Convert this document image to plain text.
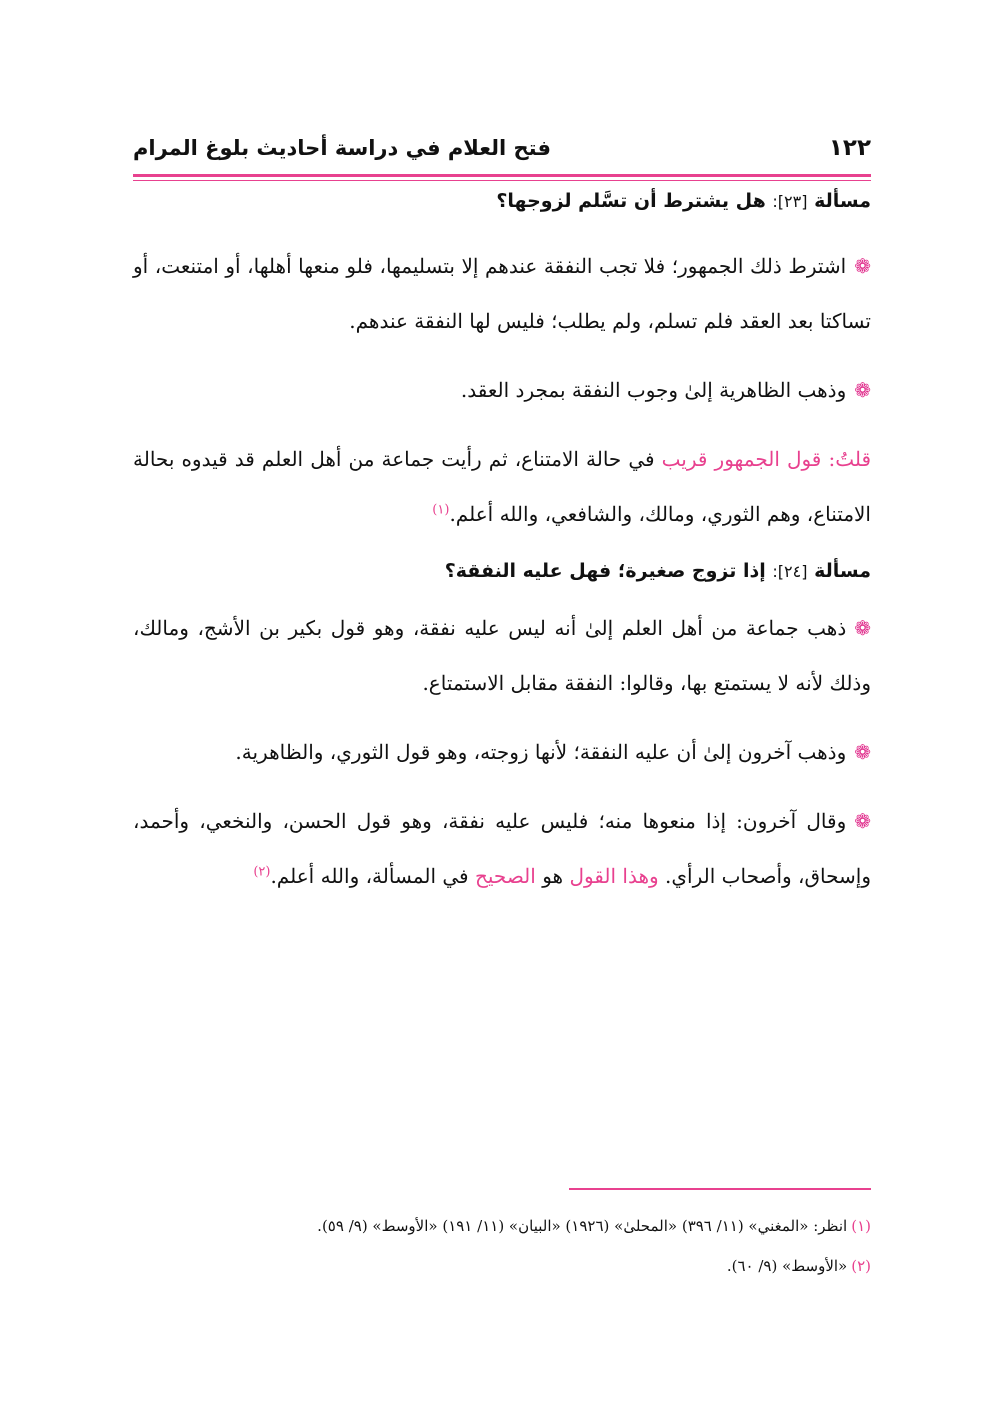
١٢٢
فتح العلام في دراسة أحاديث بلوغ المرام

مسألة [٢٣]: هل يشترط أن تسَّلم لزوجها؟

❁اشترط ذلك الجمهور؛ فلا تجب النفقة عندهم إلا بتسليمها، فلو منعها أهلها، أو امتنعت، أو تساكتا بعد العقد فلم تسلم، ولم يطلب؛ فليس لها النفقة عندهم.

❁وذهب الظاهرية إلىٰ وجوب النفقة بمجرد العقد.

قلتُ: قول الجمهور قريب في حالة الامتناع، ثم رأيت جماعة من أهل العلم قد قيدوه بحالة الامتناع، وهم الثوري، ومالك، والشافعي، والله أعلم.$^{(١)}$

مسألة [٢٤]: إذا تزوج صغيرة؛ فهل عليه النفقة؟

❁ذهب جماعة من أهل العلم إلىٰ أنه ليس عليه نفقة، وهو قول بكير بن الأشج، ومالك، وذلك لأنه لا يستمتع بها، وقالوا: النفقة مقابل الاستمتاع.

❁وذهب آخرون إلىٰ أن عليه النفقة؛ لأنها زوجته، وهو قول الثوري، والظاهرية.

❁وقال آخرون: إذا منعوها منه؛ فليس عليه نفقة، وهو قول الحسن، والنخعي، وأحمد، وإسحاق، وأصحاب الرأي. وهذا القول هو الصحيح في المسألة، والله أعلم.$^{(٢)}$

(١)انظر: «المغني» (١١/ ٣٩٦) «المحلىٰ» (١٩٢٦) «البيان» (١١/ ١٩١) «الأوسط» (٩/ ٥٩).

(٢)«الأوسط» (٩/ ٦٠).
